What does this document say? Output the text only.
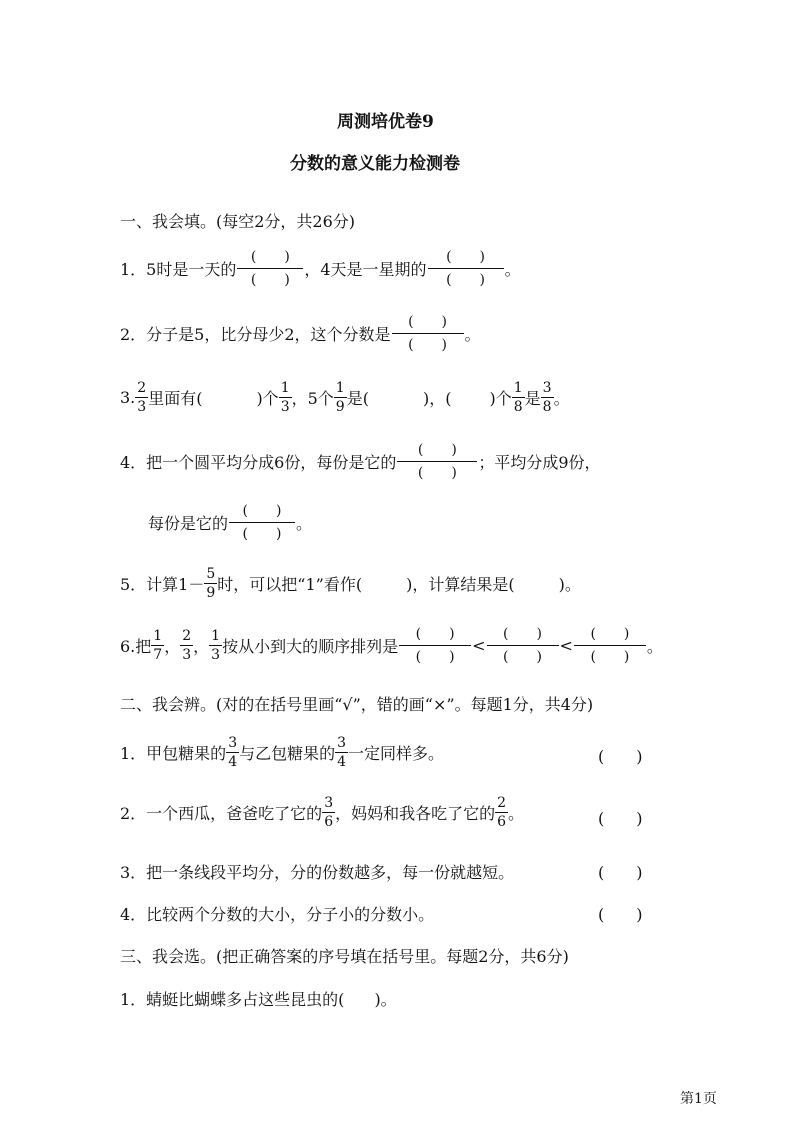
周测培优卷9
分数的意义能力检测卷
一、我会填。(每空2分，共26分)
1．5时是一天的
(　　)
(　　)
，4天是一星期的
(　　)
(　　)
。
2．分子是5，比分母少2，这个分数是
(　　)
(　　)
。
3. $\frac{2}{3}$ 里面有(	)个 $\frac{1}{3}$ ，5个 $\frac{1}{9}$ 是(	)，( )个 $\frac{1}{8}$ 是 $\frac{3}{8}$ 。
4．把一个圆平均分成6份，每份是它的
(　　)
(　　)
；平均分成9份，
每份是它的
(　　)
(　　)
。
5．计算$1- \frac{5}{9}$ 时，可以把“1”看作(	)，计算结果是(	)。
6.把 $\frac{1}{7}$ ， $\frac{2}{3}$ ， $\frac{1}{3}$ 按从小到大的顺序排列是
(　　)
(　　)
<
(　　)
(　　)
<
(　　)
(　　)
。
二、我会辨。(对的在括号里画“√”，错的画“×”。每题1分，共4分)
1．甲包糖果的 $\frac{3}{4}$ 与乙包糖果的 $\frac{3}{4}$ 一定同样多。	(　　)
2．一个西瓜，爸爸吃了它的 $\frac{3}{6}$ ，妈妈和我各吃了它的 $\frac{2}{6}$ 。	(　　)
3．把一条线段平均分，分的份数越多，每一份就越短。	(　　)
4．比较两个分数的大小，分子小的分数小。	(　　)
三、我会选。(把正确答案的序号填在括号里。每题2分，共6分)
1．蜻蜓比蝴蝶多占这些昆虫的( )。
第1页
